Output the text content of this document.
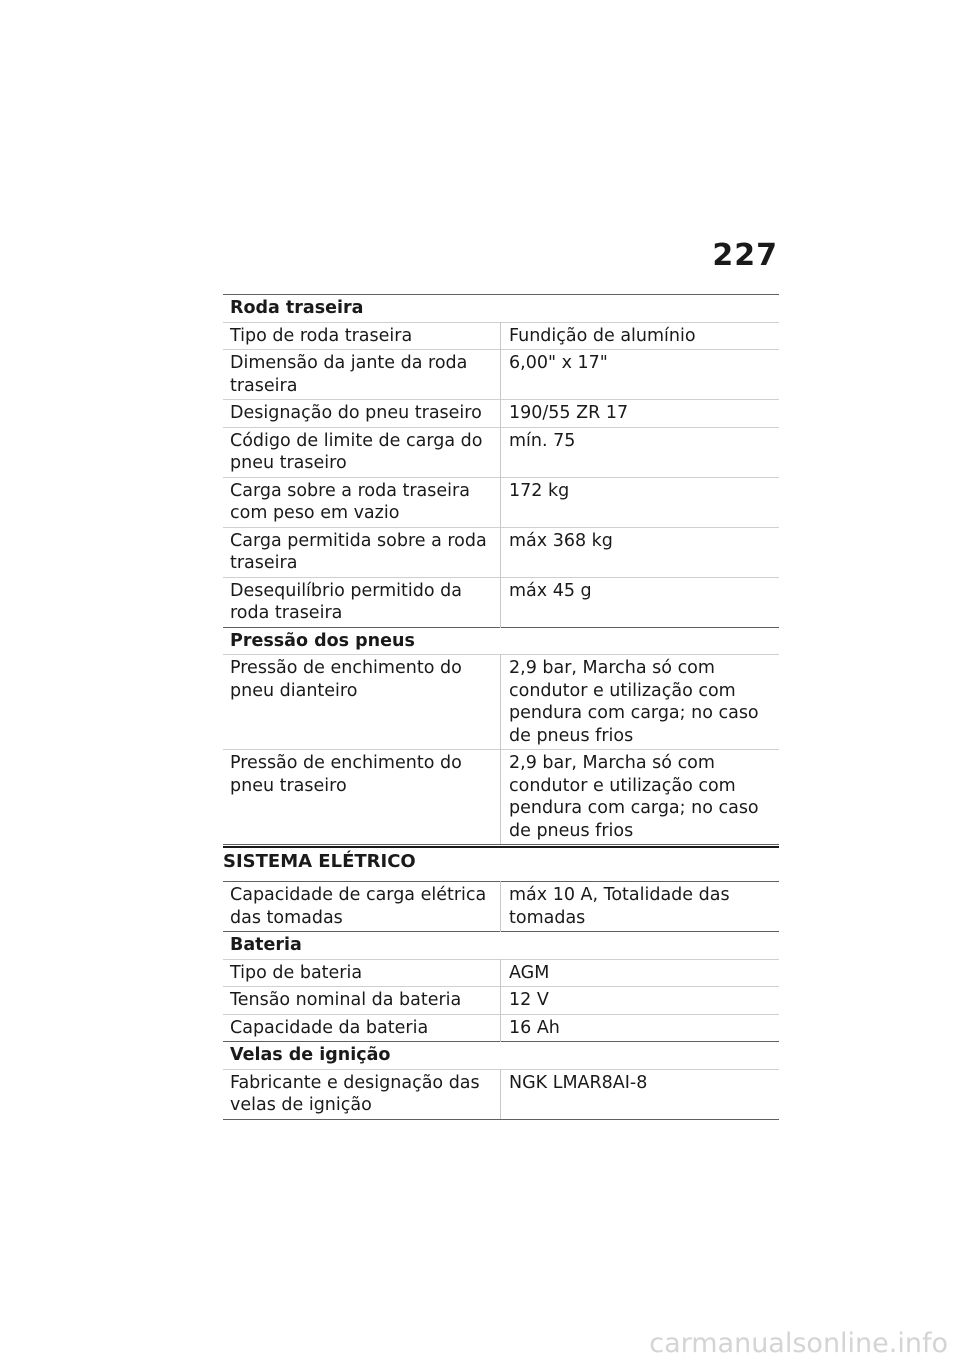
227
Roda traseira	
Tipo de roda traseira	Fundição de alumínio
Dimensão da jante da roda traseira	6,00" x 17"
Designação do pneu traseiro	190/55 ZR 17
Código de limite de carga do pneu traseiro	mín. 75
Carga sobre a roda traseira com peso em vazio	172 kg
Carga permitida sobre a roda traseira	máx 368 kg
Desequilíbrio permitido da roda traseira	máx 45 g
Pressão dos pneus	
Pressão de enchimento do pneu dianteiro	2,9 bar, Marcha só com condutor e utilização com pendura com carga; no caso de pneus frios
Pressão de enchimento do pneu traseiro	2,9 bar, Marcha só com condutor e utilização com pendura com carga; no caso de pneus frios
SISTEMA ELÉTRICO
Capacidade de carga elétrica das tomadas	máx 10 A, Totalidade das tomadas
Bateria	
Tipo de bateria	AGM
Tensão nominal da bateria	12 V
Capacidade da bateria	16 Ah
Velas de ignição	
Fabricante e designação das velas de ignição	NGK LMAR8AI-8
carmanualsonline.info
